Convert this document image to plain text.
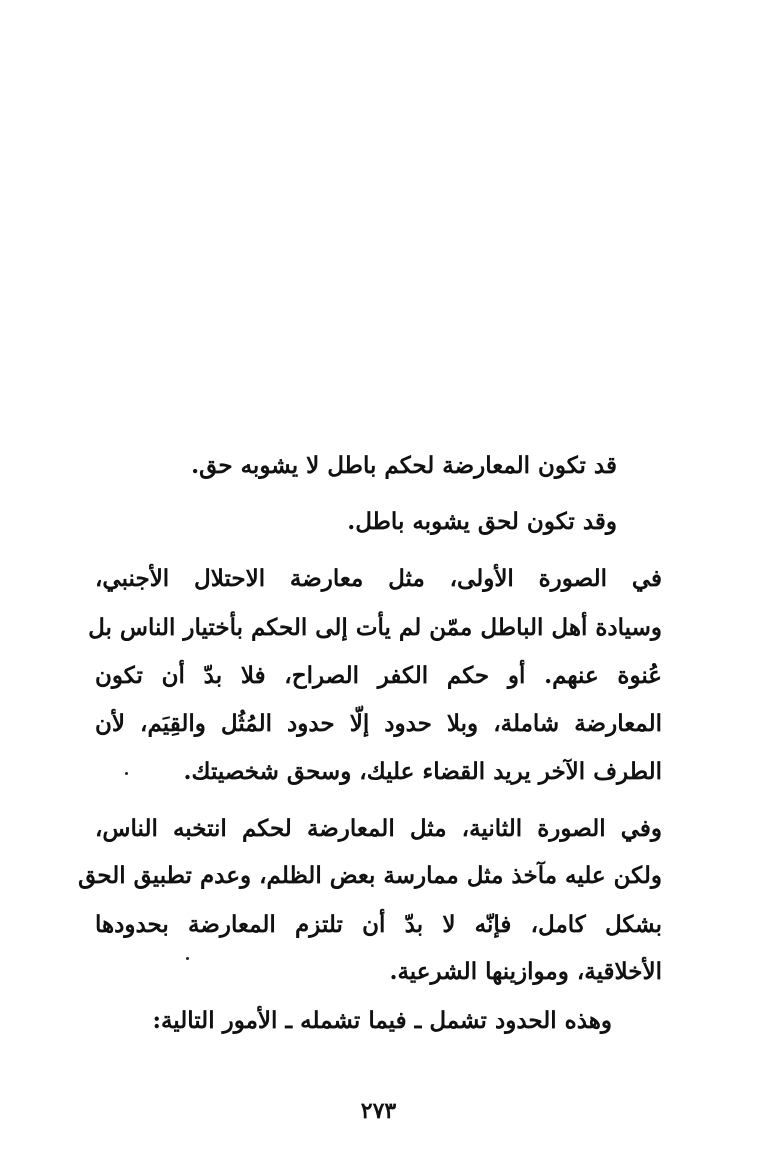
قد تكون المعارضة لحكم باطل لا يشوبه حق.
وقد تكون لحق يشوبه باطل.
في الصورة الأولى، مثل معارضة الاحتلال الأجنبي،
وسيادة أهل الباطل ممّن لم يأت إلى الحكم بأختيار الناس بل
عُنوة عنهم. أو حكم الكفر الصراح، فلا بدّ أن تكون
المعارضة شاملة، وبلا حدود إلّا حدود المُثُل والقِيَم، لأن
الطرف الآخر يريد القضاء عليك، وسحق شخصيتك.
وفي الصورة الثانية، مثل المعارضة لحكم انتخبه الناس،
ولكن عليه مآخذ مثل ممارسة بعض الظلم، وعدم تطبيق الحق
بشكل كامل، فإنّه لا بدّ أن تلتزم المعارضة بحدودها
الأخلاقية، وموازينها الشرعية.
وهذه الحدود تشمل ـ فيما تشمله ـ الأمور التالية:
٢٧٣
